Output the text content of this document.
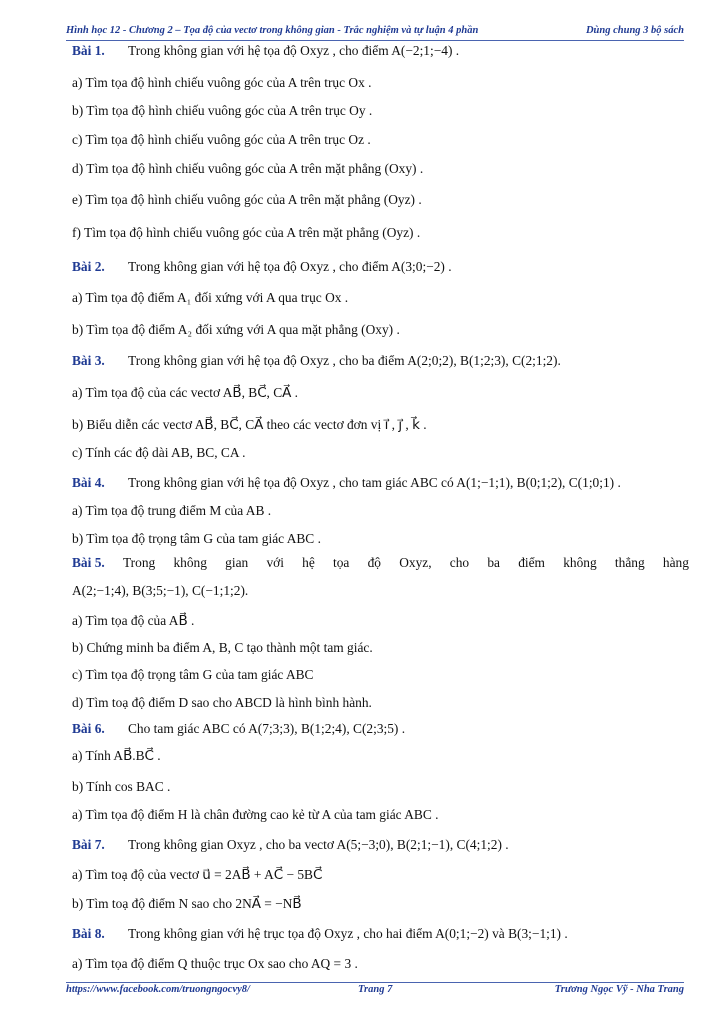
Hình học 12 - Chương 2 – Tọa độ của vectơ trong không gian - Trắc nghiệm và tự luận 4 phần	Dùng chung 3 bộ sách
Bài 1. Trong không gian với hệ tọa độ Oxyz , cho điểm A(−2;1;−4) .
a) Tìm tọa độ hình chiếu vuông góc của A trên trục Ox .
b) Tìm tọa độ hình chiếu vuông góc của A trên trục Oy .
c) Tìm tọa độ hình chiếu vuông góc của A trên trục Oz .
d) Tìm tọa độ hình chiếu vuông góc của A trên mặt phẳng (Oxy) .
e) Tìm tọa độ hình chiếu vuông góc của A trên mặt phẳng (Oyz) .
f) Tìm tọa độ hình chiếu vuông góc của A trên mặt phẳng (Oyz) .
Bài 2. Trong không gian với hệ tọa độ Oxyz , cho điểm A(3;0;−2) .
a) Tìm tọa độ điểm A₁ đối xứng với A qua trục Ox .
b) Tìm tọa độ điểm A₂ đối xứng với A qua mặt phẳng (Oxy) .
Bài 3. Trong không gian với hệ tọa độ Oxyz , cho ba điểm A(2;0;2), B(1;2;3), C(2;1;2).
a) Tìm tọa độ của các vectơ AB⃗, BC⃗, CA⃗ .
b) Biểu diễn các vectơ AB⃗, BC⃗, CA⃗ theo các vectơ đơn vị i⃗ , j⃗ , k⃗ .
c) Tính các độ dài AB, BC, CA .
Bài 4. Trong không gian với hệ tọa độ Oxyz , cho tam giác ABC có A(1;−1;1), B(0;1;2), C(1;0;1) .
a) Tìm tọa độ trung điểm M của AB .
b) Tìm tọa độ trọng tâm G của tam giác ABC .
Bài 5. Trong không gian với hệ tọa độ Oxyz, cho ba điểm không thẳng hàng
A(2;−1;4), B(3;5;−1), C(−1;1;2).
a) Tìm tọa độ của AB⃗ .
b) Chứng minh ba điểm A, B, C tạo thành một tam giác.
c) Tìm tọa độ trọng tâm G của tam giác ABC
d) Tìm toạ độ điểm D sao cho ABCD là hình bình hành.
Bài 6. Cho tam giác ABC có A(7;3;3), B(1;2;4), C(2;3;5) .
a) Tính AB⃗.BC⃗ .
b) Tính cos BAC .
a) Tìm tọa độ điểm H là chân đường cao kẻ từ A của tam giác ABC .
Bài 7. Trong không gian Oxyz , cho ba vectơ A(5;−3;0), B(2;1;−1), C(4;1;2) .
a) Tìm toạ độ của vectơ u⃗ = 2AB⃗ + AC⃗ − 5BC⃗
b) Tìm toạ độ điểm N sao cho 2NA⃗ = −NB⃗
Bài 8. Trong không gian với hệ trục tọa độ Oxyz , cho hai điểm A(0;1;−2) và B(3;−1;1) .
a) Tìm tọa độ điểm Q thuộc trục Ox sao cho AQ = 3 .
https://www.facebook.com/truongngocvy8/	Trang 7	Trương Ngọc Vỹ - Nha Trang
